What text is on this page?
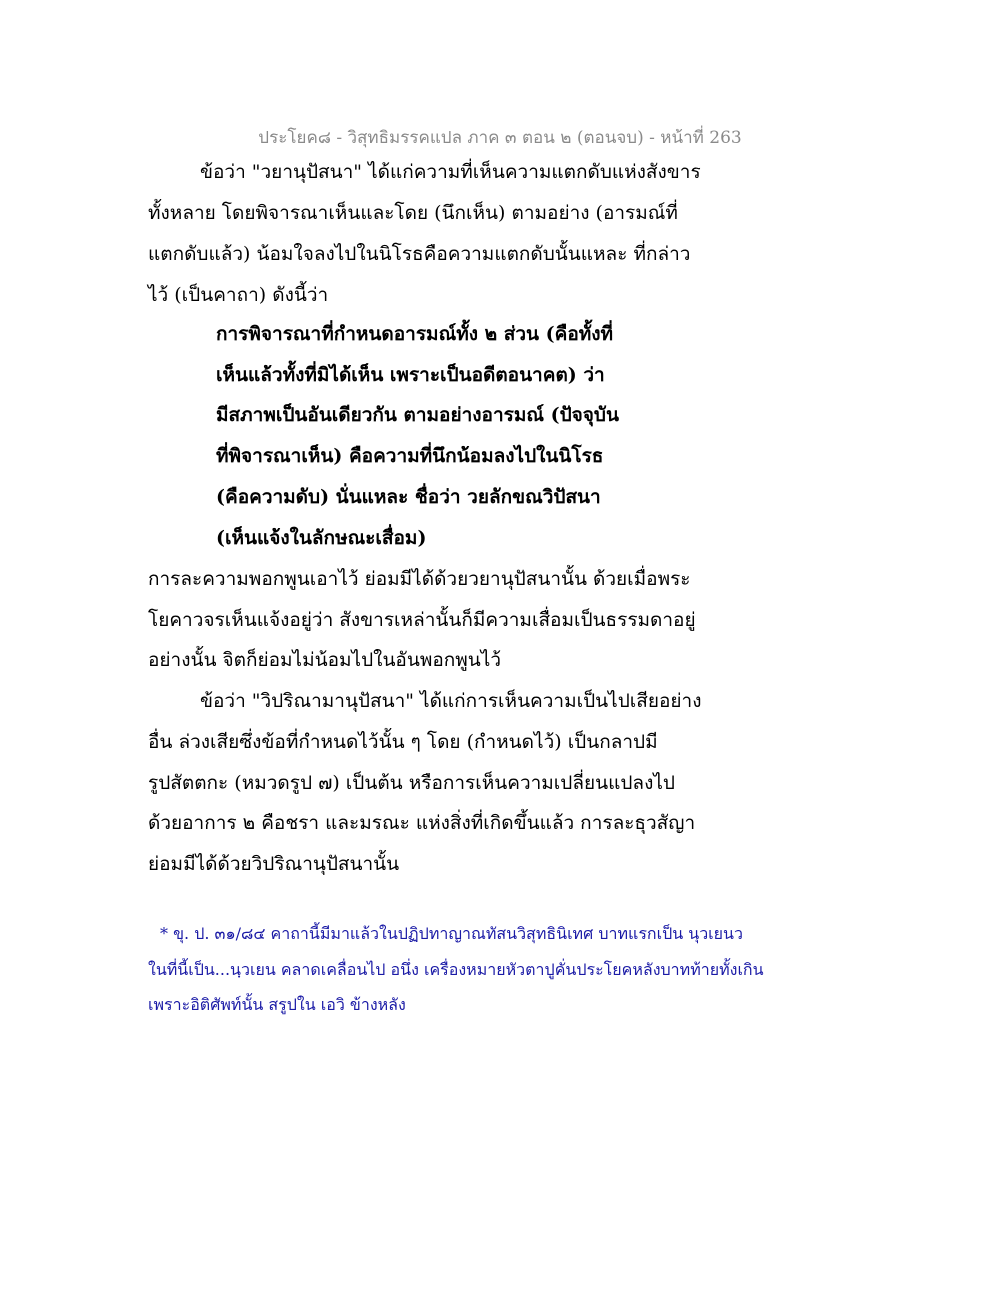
ประโยค๘ - วิสุทธิมรรคแปล ภาค ๓ ตอน ๒ (ตอนจบ) - หน้าที่ 263
ข้อว่า "วยานุปัสนา" ได้แก่ความที่เห็นความแตกดับแห่งสังขาร
ทั้งหลาย โดยพิจารณาเห็นและโดย (นึกเห็น) ตามอย่าง (อารมณ์ที่
แตกดับแล้ว) น้อมใจลงไปในนิโรธคือความแตกดับนั้นแหละ ที่กล่าว
ไว้ (เป็นคาถา) ดังนี้ว่า
การพิจารณาที่กำหนดอารมณ์ทั้ง ๒ ส่วน (คือทั้งที่
เห็นแล้วทั้งที่มิได้เห็น เพราะเป็นอดีตอนาคต) ว่า
มีสภาพเป็นอันเดียวกัน ตามอย่างอารมณ์ (ปัจจุบัน
ที่พิจารณาเห็น) คือความที่นึกน้อมลงไปในนิโรธ
(คือความดับ) นั่นแหละ ชื่อว่า วยลักขณวิปัสนา
(เห็นแจ้งในลักษณะเสื่อม)
การละความพอกพูนเอาไว้ ย่อมมีได้ด้วยวยานุปัสนานั้น ด้วยเมื่อพระ
โยคาวจรเห็นแจ้งอยู่ว่า สังขารเหล่านั้นก็มีความเสื่อมเป็นธรรมดาอยู่
อย่างนั้น จิตก็ย่อมไม่น้อมไปในอันพอกพูนไว้
ข้อว่า "วิปริณามานุปัสนา" ได้แก่การเห็นความเป็นไปเสียอย่าง
อื่น ล่วงเสียซึ่งข้อที่กำหนดไว้นั้น ๆ โดย (กำหนดไว้) เป็นกลาปมี
รูปสัตตกะ (หมวดรูป ๗) เป็นต้น หรือการเห็นความเปลี่ยนแปลงไป
ด้วยอาการ ๒ คือชรา และมรณะ แห่งสิ่งที่เกิดขึ้นแล้ว การละธุวสัญา
ย่อมมีได้ด้วยวิปริณานุปัสนานั้น
* ขุ. ป. ๓๑/๘๔ คาถานี้มีมาแล้วในปฏิปทาญาณทัสนวิสุทธินิเทศ บาทแรกเป็น นุวเยนว
ในที่นี้เป็น...นฺวเยน คลาดเคลื่อนไป อนึ่ง เครื่องหมายหัวตาปูคั่นประโยคหลังบาทท้ายทั้งเกิน
เพราะอิติศัพท์นั้น สรูปใน เอวิ ข้างหลัง
